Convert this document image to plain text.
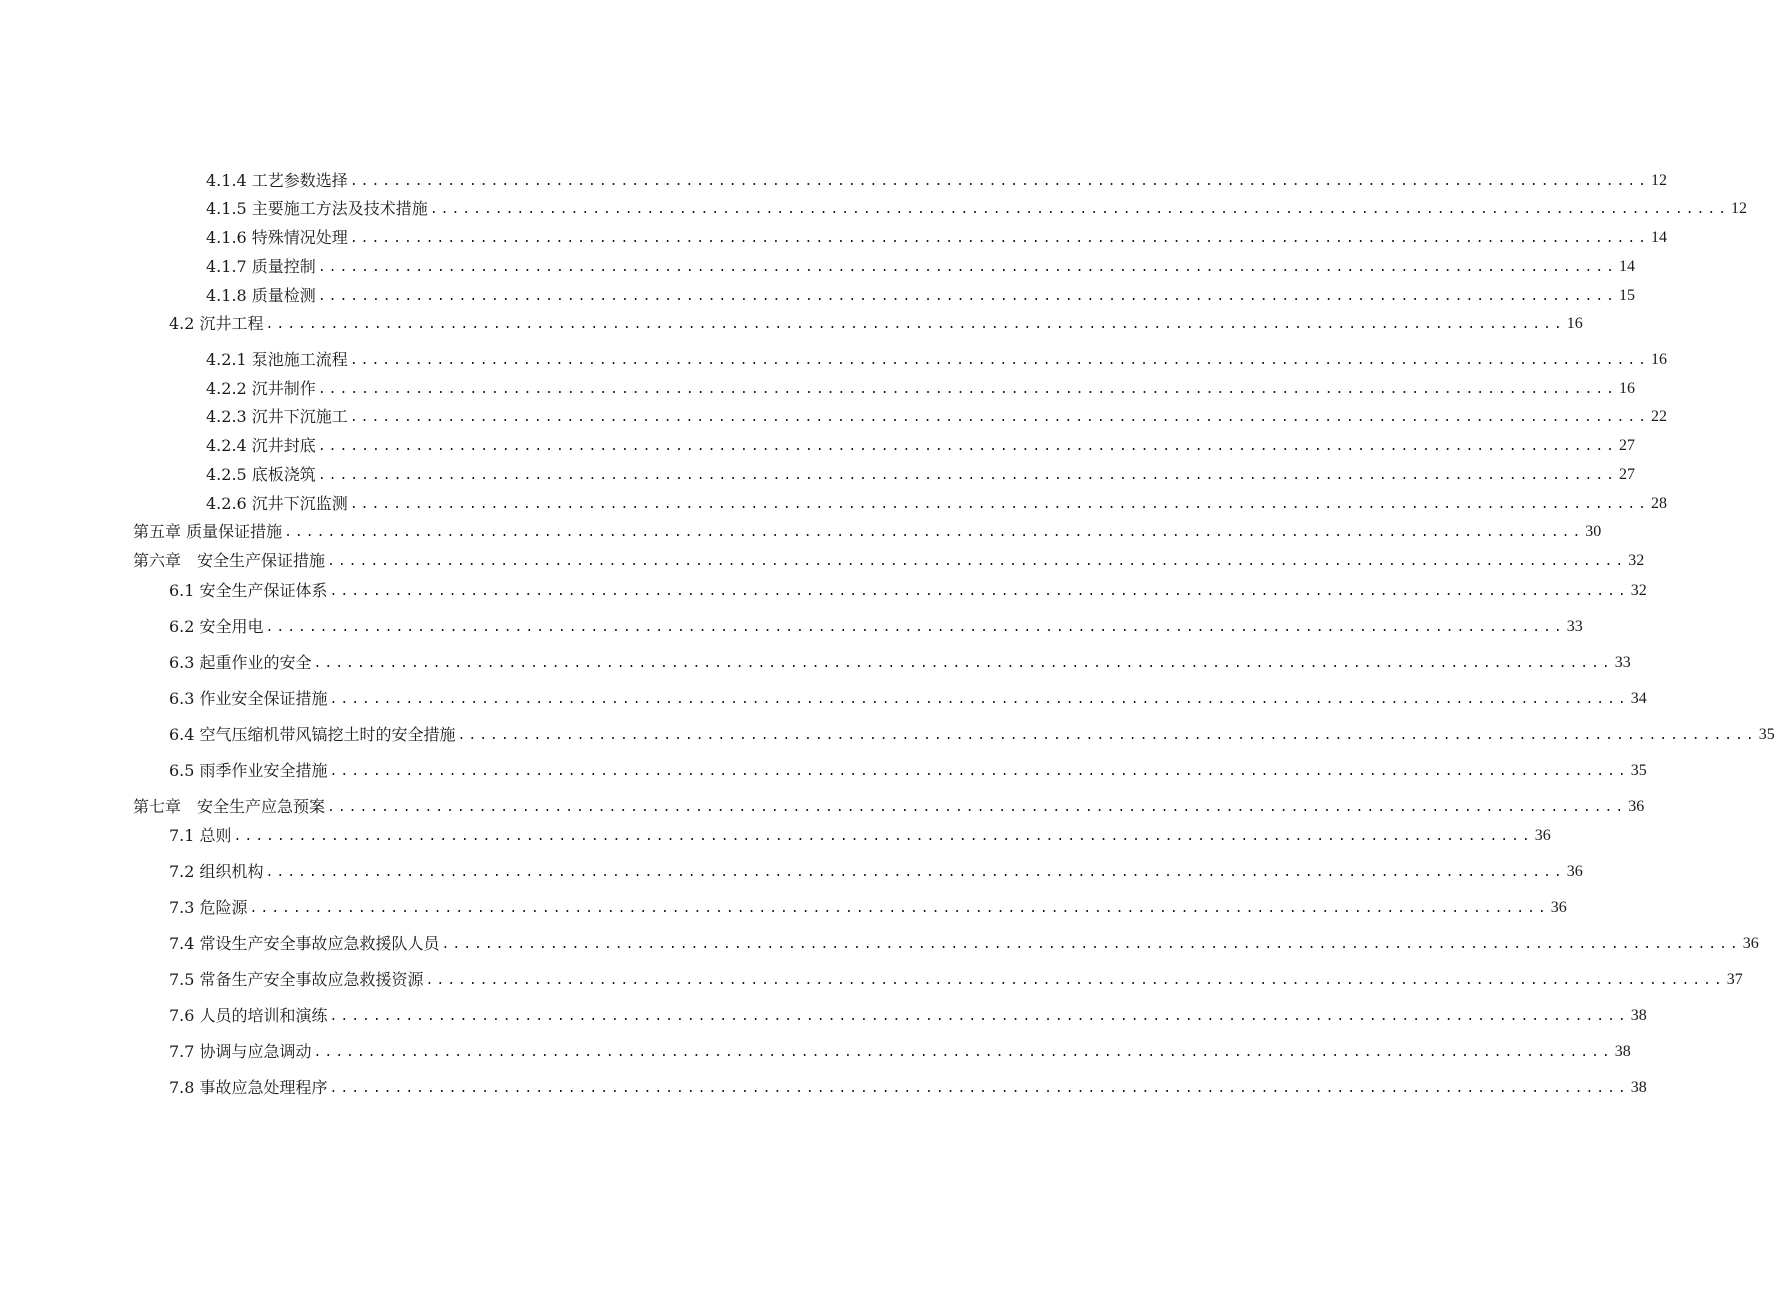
4.1.4 工艺参数选择 ........................................................................................................................ 12
4.1.5 主要施工方法及技术措施 ........................................................................................................................ 12
4.1.6 特殊情况处理 ........................................................................................................................ 14
4.1.7 质量控制 ........................................................................................................................ 14
4.1.8 质量检测 ........................................................................................................................ 15
4.2 沉井工程 ........................................................................................................................ 16
4.2.1 泵池施工流程 ........................................................................................................................ 16
4.2.2 沉井制作 ........................................................................................................................ 16
4.2.3 沉井下沉施工 ........................................................................................................................ 22
4.2.4 沉井封底 ........................................................................................................................ 27
4.2.5 底板浇筑 ........................................................................................................................ 27
4.2.6 沉井下沉监测 ........................................................................................................................ 28
第五章 质量保证措施 ........................................................................................................................ 30
第六章　安全生产保证措施 ........................................................................................................................ 32
6.1 安全生产保证体系 ........................................................................................................................ 32
6.2 安全用电 ........................................................................................................................ 33
6.3 起重作业的安全 ........................................................................................................................ 33
6.3 作业安全保证措施 ........................................................................................................................ 34
6.4 空气压缩机带风镐挖土时的安全措施 ........................................................................................................................ 35
6.5 雨季作业安全措施 ........................................................................................................................ 35
第七章　安全生产应急预案 ........................................................................................................................ 36
7.1 总则 ........................................................................................................................ 36
7.2 组织机构 ........................................................................................................................ 36
7.3 危险源 ........................................................................................................................ 36
7.4 常设生产安全事故应急救援队人员 ........................................................................................................................ 36
7.5 常备生产安全事故应急救援资源 ........................................................................................................................ 37
7.6 人员的培训和演练 ........................................................................................................................ 38
7.7 协调与应急调动 ........................................................................................................................ 38
7.8 事故应急处理程序 ........................................................................................................................ 38
